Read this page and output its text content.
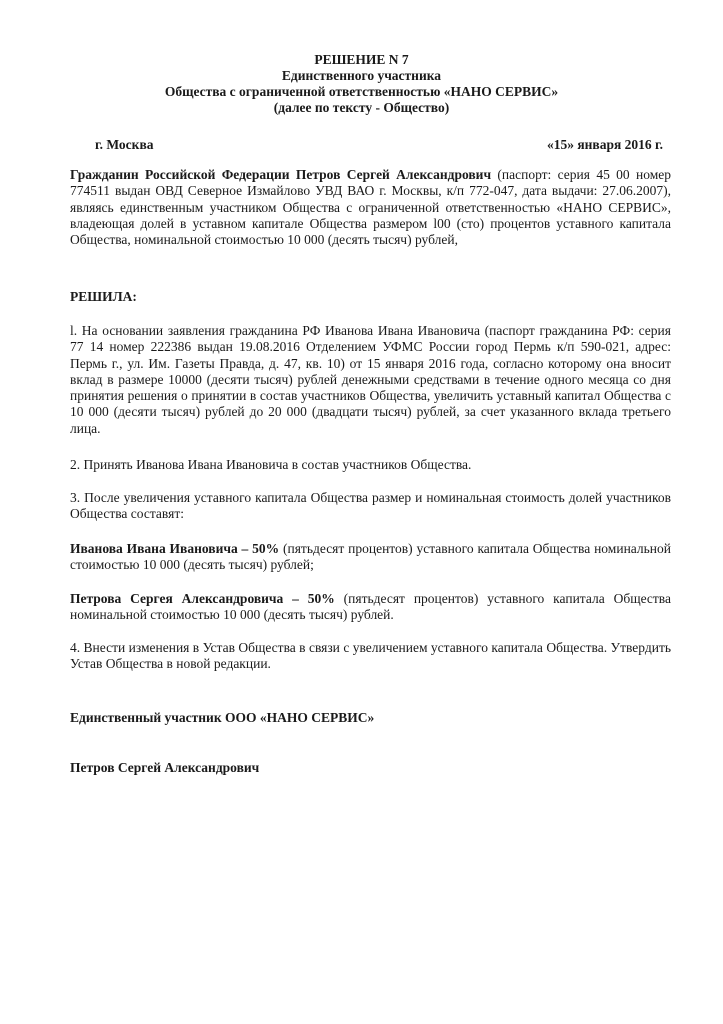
РЕШЕНИЕ N 7
Единственного участника
Общества с ограниченной ответственностью «НАНО СЕРВИС»
(далее по тексту - Общество)
г. Москва	«15» января 2016 г.
Гражданин Российской Федерации Петров Сергей Александрович (паспорт: серия 45 00 номер 774511 выдан ОВД Северное Измайлово УВД ВАО г. Москвы, к/п 772-047, дата выдачи: 27.06.2007), являясь единственным участником Общества с ограниченной ответственностью «НАНО СЕРВИС», владеющая долей в уставном капитале Общества размером l00 (сто) процентов уставного капитала Общества, номинальной стоимостью 10 000 (десять тысяч) рублей,
РЕШИЛА:
l. На основании заявления гражданина РФ Иванова Ивана Ивановича (паспорт гражданина РФ: серия 77 14 номер 222386 выдан 19.08.2016 Отделением УФМС России город Пермь к/п 590-021, адрес: Пермь г., ул. Им. Газеты Правда, д. 47, кв. 10) от 15 января 2016 года, согласно которому она вносит вклад в размере 10000 (десяти тысяч) рублей денежными средствами в течение одного месяца со дня принятия решения о принятии в состав участников Общества, увеличить уставный капитал Общества с 10 000 (десяти тысяч) рублей до 20 000 (двадцати тысяч) рублей, за счет указанного вклада третьего лица.
2. Принять Иванова Ивана Ивановича в состав участников Общества.
3. После увеличения уставного капитала Общества размер и номинальная стоимость долей участников Общества составят:
Иванова Ивана Ивановича – 50% (пятьдесят процентов) уставного капитала Общества номинальной стоимостью 10 000 (десять тысяч) рублей;
Петрова Сергея Александровича – 50% (пятьдесят процентов) уставного капитала Общества номинальной стоимостью 10 000 (десять тысяч) рублей.
4. Внести изменения в Устав Общества в связи с увеличением уставного капитала Общества. Утвердить Устав Общества в новой редакции.
Единственный участник ООО «НАНО СЕРВИС»
Петров Сергей Александрович
